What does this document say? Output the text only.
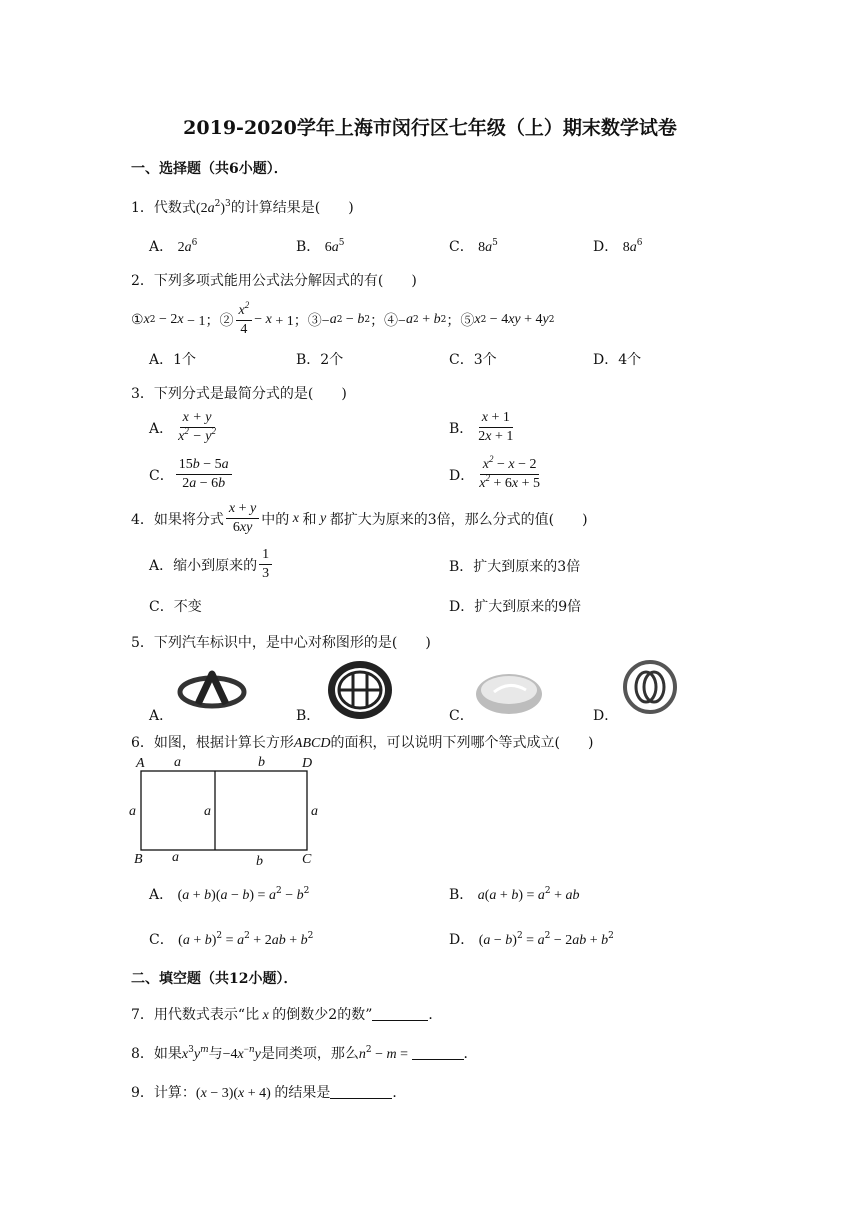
2019-2020学年上海市闵行区七年级（上）期末数学试卷
一、选择题（共6小题）．
1．代数式$(2a^2)^3$的计算结果是(　　)
A． $2a^6$	B． $6a^5$	C． $8a^5$	D． $8a^6$
2．下列多项式能用公式法分解因式的有(　　)
① x 2 − 2 x − 1；② $\frac{x^2}{4} - x + 1$；③− a 2 − b 2 ；④− a 2 + b 2 ；⑤ x 2 − 4 xy + 4 y 2
A．1个	B．2个	C．3个	D．4个
3．下列分式是最简分式的是(　　)
A． $\frac{x + y}{x^2 - y^2}$	B． $\frac{x + 1}{2x + 1}$
C． $\frac{15b - 5a}{2a - 6b}$	D． $\frac{x^2 - x - 2}{x^2 + 6x + 5}$
4．如果将分式 $\frac{x + y}{6xy}$ 中的 x 和 y 都扩大为原来的3倍，那么分式的值(　　)
A．缩小到原来的 $\frac{1}{3}$	B．扩大到原来的3倍
C．不变	D．扩大到原来的9倍
5．下列汽车标识中，是中心对称图形的是(　　)
A．	B．	C．	D．
6．如图，根据计算长方形ABCD的面积，可以说明下列哪个等式成立(　　)
A	D
B	C
a	b
a	a	a
a	b
A． $(a + b)(a - b) = a^2 - b^2$	B． $a(a + b) = a^2$ + ab
C． $(a + b)^2 = a^2 + 2ab + b^2$	D． $(a - b)^2 = a^2 - 2ab + b^2$
二、填空题（共12小题）．
7．用代数式表示“比 x 的倒数少2的数”	．
8．如果$x^3y^m$与$-4x^{-n}y$是同类项，那么$n^2 - m$ =	．
9．计算：(x − 3)(x + 4) 的结果是	．
